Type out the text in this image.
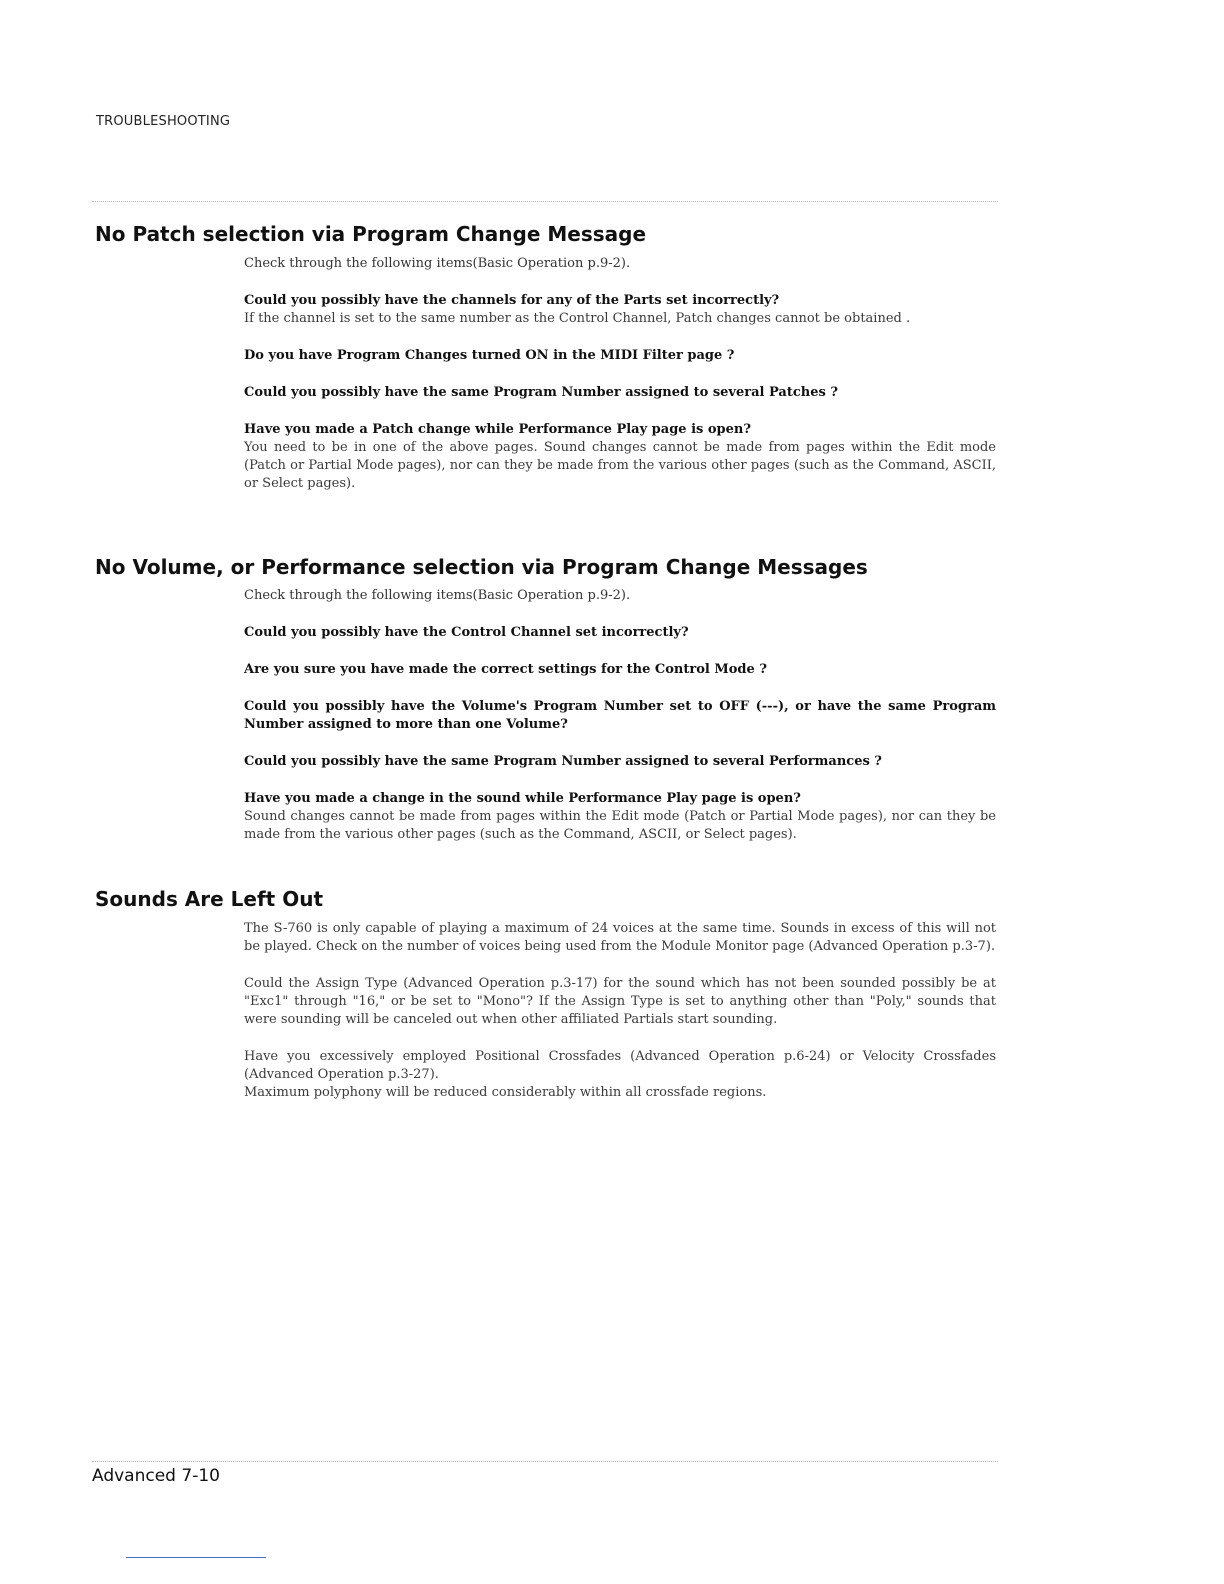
TROUBLESHOOTING
No Patch selection via Program Change Message

Check through the following items(Basic Operation p.9-2).

Could you possibly have the channels for any of the Parts set incorrectly?

If the channel is set to the same number as the Control Channel, Patch changes cannot be obtained .

Do you have Program Changes turned ON in the MIDI Filter page ?

Could you possibly have the same Program Number assigned to several Patches ?

Have you made a Patch change while Performance Play page is open?

You need to be in one of the above pages. Sound changes cannot be made from pages within the Edit mode (Patch or Partial Mode pages), nor can they be made from the various other pages (such as the Command, ASCII, or Select pages).

No Volume, or Performance selection via Program Change Messages

Check through the following items(Basic Operation p.9-2).

Could you possibly have the Control Channel set incorrectly?

Are you sure you have made the correct settings for the Control Mode ?

Could you possibly have the Volume's Program Number set to OFF (---), or have the same Program Number assigned to more than one Volume?

Could you possibly have the same Program Number assigned to several Performances ?

Have you made a change in the sound while Performance Play page is open?

Sound changes cannot be made from pages within the Edit mode (Patch or Partial Mode pages), nor can they be made from the various other pages (such as the Command, ASCII, or Select pages).

Sounds Are Left Out

The S-760 is only capable of playing a maximum of 24 voices at the same time. Sounds in excess of this will not be played. Check on the number of voices being used from the Module Monitor page (Advanced Operation p.3-7).

Could the Assign Type (Advanced Operation p.3-17) for the sound which has not been sounded possibly be at "Exc1" through "16," or be set to "Mono"? If the Assign Type is set to anything other than "Poly," sounds that were sounding will be canceled out when other affiliated Partials start sounding.

Have you excessively employed Positional Crossfades (Advanced Operation p.6-24) or Velocity Crossfades (Advanced Operation p.3-27).

Maximum polyphony will be reduced considerably within all crossfade regions.

Advanced 7-10
